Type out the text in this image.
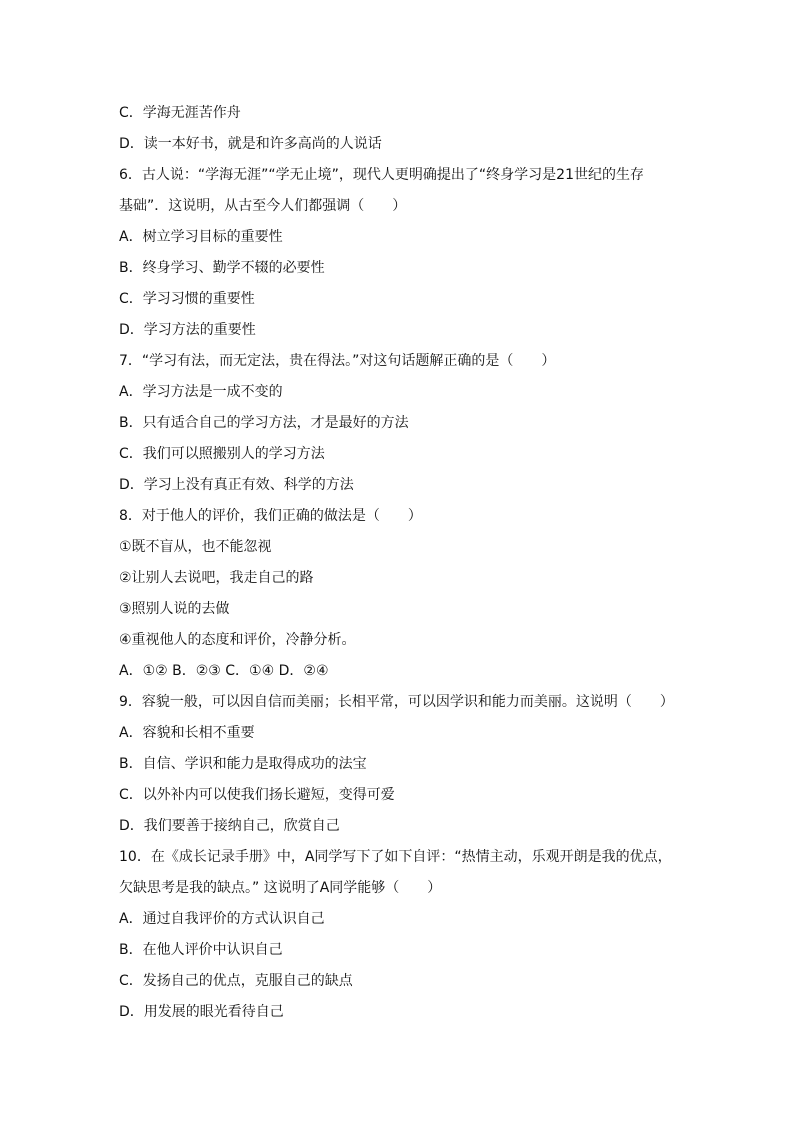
C．学海无涯苦作舟
D．读一本好书，就是和许多高尚的人说话
6．古人说：“学海无涯”“学无止境”，现代人更明确提出了“终身学习是21世纪的生存
基础”．这说明，从古至今人们都强调（　　）
A．树立学习目标的重要性
B．终身学习、勤学不辍的必要性
C．学习习惯的重要性
D．学习方法的重要性
7．“学习有法，而无定法，贵在得法。”对这句话题解正确的是（　　）
A．学习方法是一成不变的
B．只有适合自己的学习方法，才是最好的方法
C．我们可以照搬别人的学习方法
D．学习上没有真正有效、科学的方法
8．对于他人的评价，我们正确的做法是（　　）
①既不盲从，也不能忽视
②让别人去说吧，我走自己的路
③照别人说的去做
④重视他人的态度和评价，冷静分析。
A．①② B．②③ C．①④ D．②④
9．容貌一般，可以因自信而美丽；长相平常，可以因学识和能力而美丽。这说明（　　）
A．容貌和长相不重要
B．自信、学识和能力是取得成功的法宝
C．以外补内可以使我们扬长避短，变得可爱
D．我们要善于接纳自己，欣赏自己
10．在《成长记录手册》中，A同学写下了如下自评：“热情主动，乐观开朗是我的优点，
欠缺思考是我的缺点。” 这说明了A同学能够（　　）
A．通过自我评价的方式认识自己
B．在他人评价中认识自己
C．发扬自己的优点，克服自己的缺点
D．用发展的眼光看待自己
